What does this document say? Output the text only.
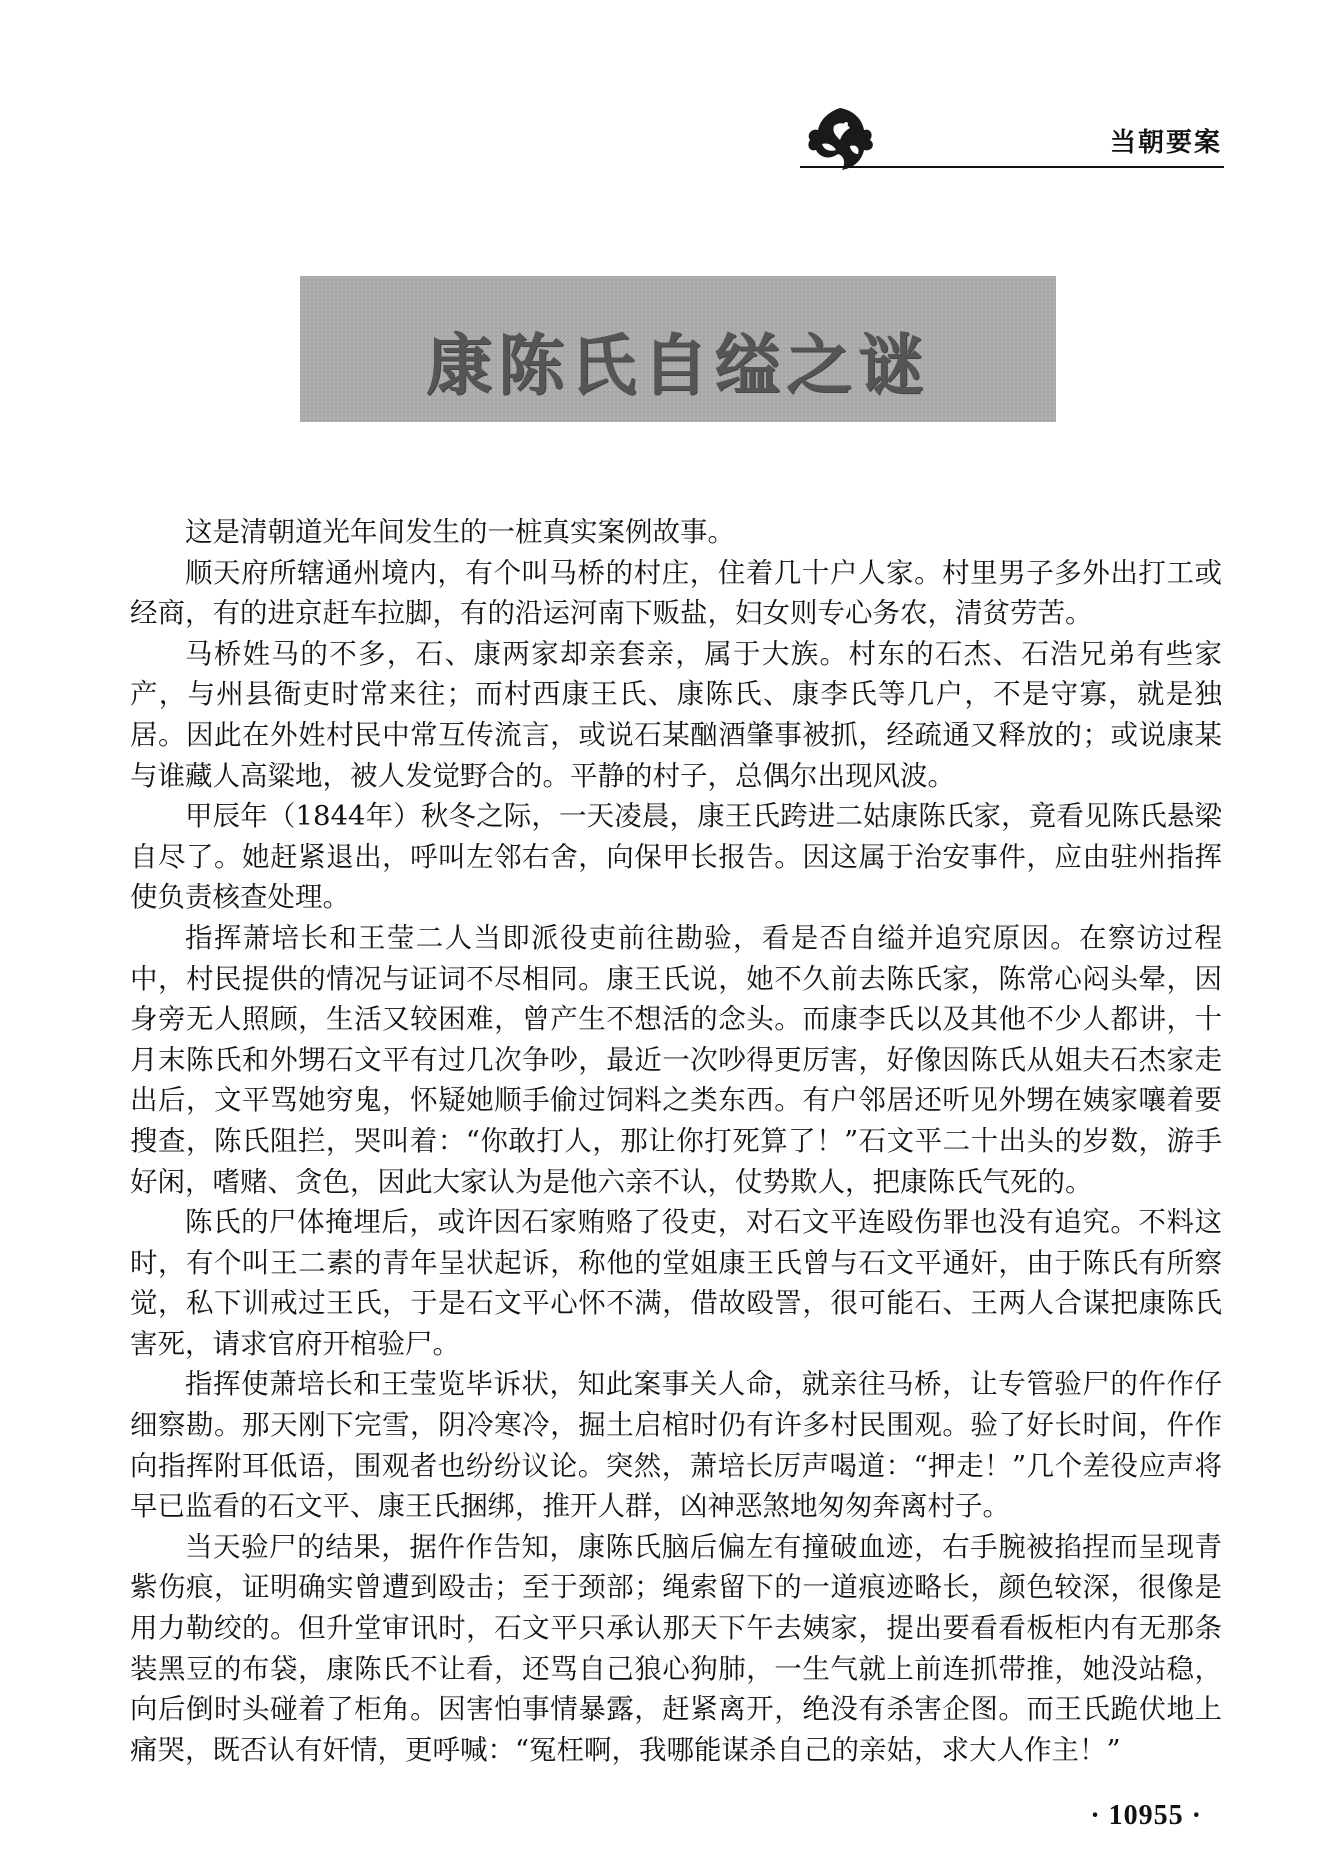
当朝要案
康陈氏自缢之谜

这是清朝道光年间发生的一桩真实案例故事。

顺天府所辖通州境内，有个叫马桥的村庄，住着几十户人家。村里男子多外出打工或经商，有的进京赶车拉脚，有的沿运河南下贩盐，妇女则专心务农，清贫劳苦。

马桥姓马的不多，石、康两家却亲套亲，属于大族。村东的石杰、石浩兄弟有些家产，与州县衙吏时常来往；而村西康王氏、康陈氏、康李氏等几户，不是守寡，就是独居。因此在外姓村民中常互传流言，或说石某酗酒肇事被抓，经疏通又释放的；或说康某与谁藏人高粱地，被人发觉野合的。平静的村子，总偶尔出现风波。

甲辰年（1844年）秋冬之际，一天凌晨，康王氏跨进二姑康陈氏家，竟看见陈氏悬梁自尽了。她赶紧退出，呼叫左邻右舍，向保甲长报告。因这属于治安事件，应由驻州指挥使负责核查处理。

指挥萧培长和王莹二人当即派役吏前往勘验，看是否自缢并追究原因。在察访过程中，村民提供的情况与证词不尽相同。康王氏说，她不久前去陈氏家，陈常心闷头晕，因身旁无人照顾，生活又较困难，曾产生不想活的念头。而康李氏以及其他不少人都讲，十月末陈氏和外甥石文平有过几次争吵，最近一次吵得更厉害，好像因陈氏从姐夫石杰家走出后，文平骂她穷鬼，怀疑她顺手偷过饲料之类东西。有户邻居还听见外甥在姨家嚷着要搜查，陈氏阻拦，哭叫着：“你敢打人，那让你打死算了！”石文平二十出头的岁数，游手好闲，嗜赌、贪色，因此大家认为是他六亲不认，仗势欺人，把康陈氏气死的。

陈氏的尸体掩埋后，或许因石家贿赂了役吏，对石文平连殴伤罪也没有追究。不料这时，有个叫王二素的青年呈状起诉，称他的堂姐康王氏曾与石文平通奸，由于陈氏有所察觉，私下训戒过王氏，于是石文平心怀不满，借故殴詈，很可能石、王两人合谋把康陈氏害死，请求官府开棺验尸。

指挥使萧培长和王莹览毕诉状，知此案事关人命，就亲往马桥，让专管验尸的仵作仔细察勘。那天刚下完雪，阴冷寒冷，掘土启棺时仍有许多村民围观。验了好长时间，仵作向指挥附耳低语，围观者也纷纷议论。突然，萧培长厉声喝道：“押走！”几个差役应声将早已监看的石文平、康王氏捆绑，推开人群，凶神恶煞地匆匆奔离村子。

当天验尸的结果，据仵作告知，康陈氏脑后偏左有撞破血迹，右手腕被掐捏而呈现青紫伤痕，证明确实曾遭到殴击；至于颈部；绳索留下的一道痕迹略长，颜色较深，很像是用力勒绞的。但升堂审讯时，石文平只承认那天下午去姨家，提出要看看板柜内有无那条装黑豆的布袋，康陈氏不让看，还骂自己狼心狗肺，一生气就上前连抓带推，她没站稳，向后倒时头碰着了柜角。因害怕事情暴露，赶紧离开，绝没有杀害企图。而王氏跪伏地上痛哭，既否认有奸情，更呼喊：“冤枉啊，我哪能谋杀自己的亲姑，求大人作主！”

· 10955 ·
